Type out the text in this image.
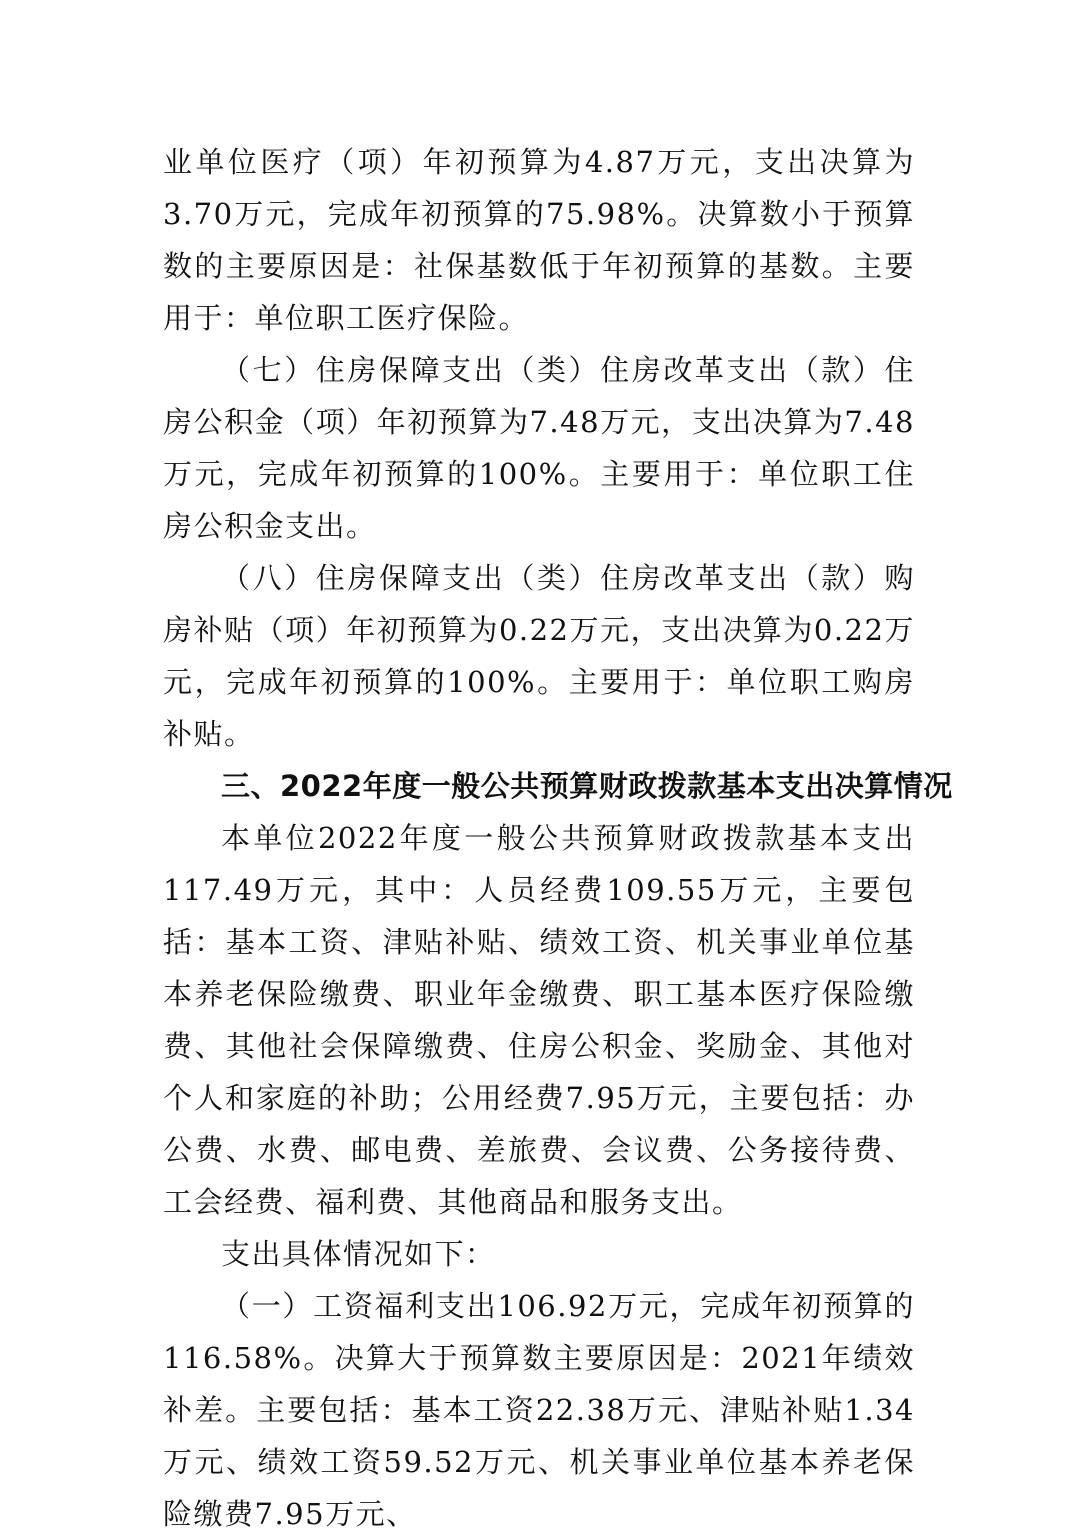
业单位医疗（项）年初预算为4.87万元，支出决算为3.70万元，完成年初预算的75.98%。决算数小于预算数的主要原因是：社保基数低于年初预算的基数。主要用于：单位职工医疗保险。

（七）住房保障支出（类）住房改革支出（款）住房公积金（项）年初预算为7.48万元，支出决算为7.48万元，完成年初预算的100%。主要用于：单位职工住房公积金支出。

（八）住房保障支出（类）住房改革支出（款）购房补贴（项）年初预算为0.22万元，支出决算为0.22万元，完成年初预算的100%。主要用于：单位职工购房补贴。

三、2022年度一般公共预算财政拨款基本支出决算情况

本单位2022年度一般公共预算财政拨款基本支出117.49万元，其中：人员经费109.55万元，主要包括：基本工资、津贴补贴、绩效工资、机关事业单位基本养老保险缴费、职业年金缴费、职工基本医疗保险缴费、其他社会保障缴费、住房公积金、奖励金、其他对个人和家庭的补助；公用经费7.95万元，主要包括：办公费、水费、邮电费、差旅费、会议费、公务接待费、工会经费、福利费、其他商品和服务支出。

支出具体情况如下：

（一）工资福利支出106.92万元，完成年初预算的116.58%。决算大于预算数主要原因是：2021年绩效补差。主要包括：基本工资22.38万元、津贴补贴1.34万元、绩效工资59.52万元、机关事业单位基本养老保险缴费7.95万元、
